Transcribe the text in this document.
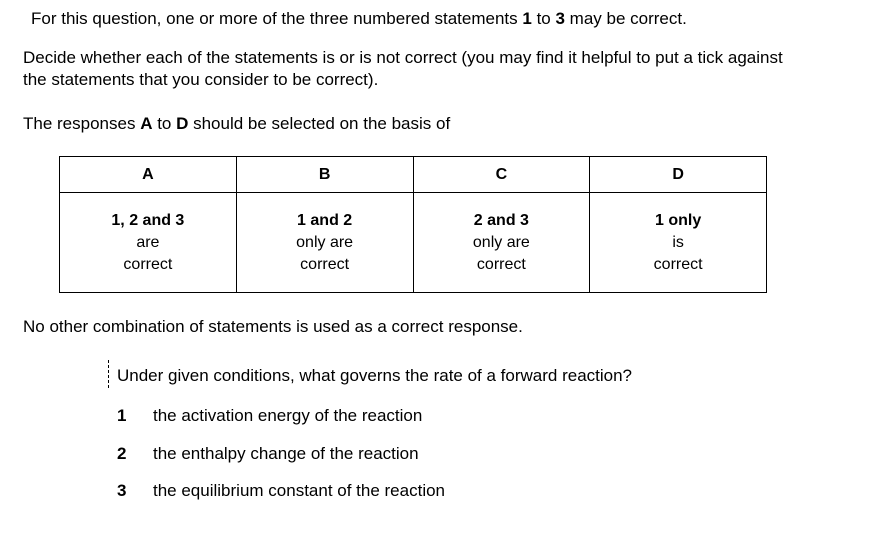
For this question, one or more of the three numbered statements 1 to 3 may be correct.
Decide whether each of the statements is or is not correct (you may find it helpful to put a tick against
the statements that you consider to be correct).
The responses A to D should be selected on the basis of
A	B	C	D

1, 2 and 3
are
correct	1 and 2
only are
correct	2 and 3
only are
correct	1 only
is
correct
No other combination of statements is used as a correct response.
Under given conditions, what governs the rate of a forward reaction?
1 the activation energy of the reaction
2 the enthalpy change of the reaction
3 the equilibrium constant of the reaction
